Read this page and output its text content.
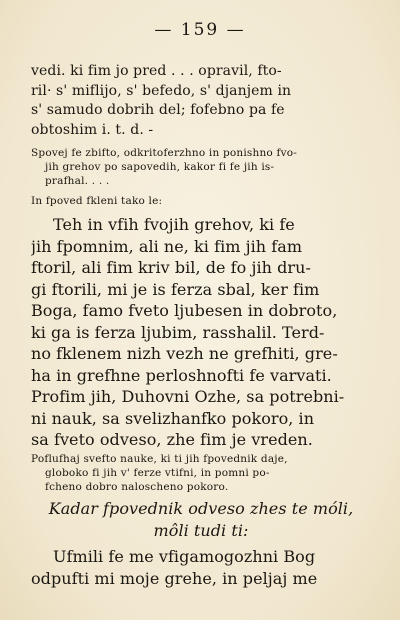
— 159 —
vedi. ki fim jo pred . . . opravil, fto-
ril· s' miflijo, s' befedo, s' djanjem in
s' samudo dobrih del; fofebno pa fe
obtoshim i. t. d. -
Spovej fe zbifto, odkritoferzhno in ponishno fvo-
jih grehov po sapovedih, kakor fi fe jih is-
prafhal. . . .
In fpoved fkleni tako le:
Teh in vfih fvojih grehov, ki fe
jih fpomnim, ali ne, ki fim jih fam
ftoril, ali fim kriv bil, de fo jih dru-
gi ftorili, mi je is ferza sbal, ker fim
Boga, famo fveto ljubesen in dobroto,
ki ga is ferza ljubim, rasshalil. Terd-
no fklenem nizh vezh ne grefhiti, gre-
ha in grefhne perloshnofti fe varvati.
Profim jih, Duhovni Ozhe, sa potrebni-
ni nauk, sa svelizhanfko pokoro, in
sa fveto odveso, zhe fim je vreden.
Poflufhaj svefto nauke, ki ti jih fpovednik daje,
globoko fi jih v' ferze vtifni, in pomni po-
fcheno dobro naloscheno pokoro.
Kadar fpovednik odveso zhes te móli,
môli tudi ti:
Ufmili fe me vfigamogozhni Bog
odpufti mi moje grehe, in peljaj me
